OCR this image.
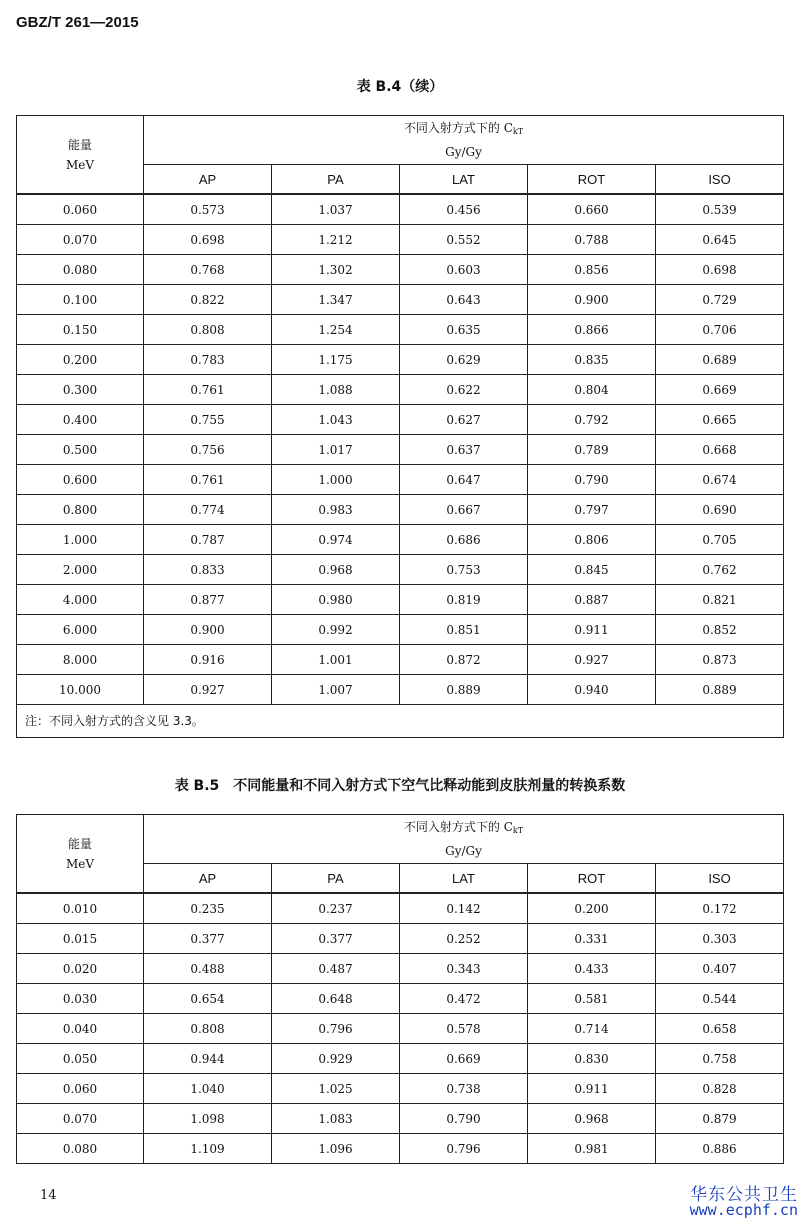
GBZ/T 261—2015
表 B.4（续）
能量
MeV	不同入射方式下的 $C_{kT}$
Gy/Gy				
	AP	PA	LAT	ROT	ISO
0.060	0.573	1.037	0.456	0.660	0.539
0.070	0.698	1.212	0.552	0.788	0.645
0.080	0.768	1.302	0.603	0.856	0.698
0.100	0.822	1.347	0.643	0.900	0.729
0.150	0.808	1.254	0.635	0.866	0.706
0.200	0.783	1.175	0.629	0.835	0.689
0.300	0.761	1.088	0.622	0.804	0.669
0.400	0.755	1.043	0.627	0.792	0.665
0.500	0.756	1.017	0.637	0.789	0.668
0.600	0.761	1.000	0.647	0.790	0.674
0.800	0.774	0.983	0.667	0.797	0.690
1.000	0.787	0.974	0.686	0.806	0.705
2.000	0.833	0.968	0.753	0.845	0.762
4.000	0.877	0.980	0.819	0.887	0.821
6.000	0.900	0.992	0.851	0.911	0.852
8.000	0.916	1.001	0.872	0.927	0.873
10.000	0.927	1.007	0.889	0.940	0.889
注：不同入射方式的含义见 3.3。					
表 B.5　不同能量和不同入射方式下空气比释动能到皮肤剂量的转换系数
能量
MeV	不同入射方式下的 $C_{kT}$
Gy/Gy				
	AP	PA	LAT	ROT	ISO
0.010	0.235	0.237	0.142	0.200	0.172
0.015	0.377	0.377	0.252	0.331	0.303
0.020	0.488	0.487	0.343	0.433	0.407
0.030	0.654	0.648	0.472	0.581	0.544
0.040	0.808	0.796	0.578	0.714	0.658
0.050	0.944	0.929	0.669	0.830	0.758
0.060	1.040	1.025	0.738	0.911	0.828
0.070	1.098	1.083	0.790	0.968	0.879
0.080	1.109	1.096	0.796	0.981	0.886
14	华东公共卫生
www.ecphf.cn
